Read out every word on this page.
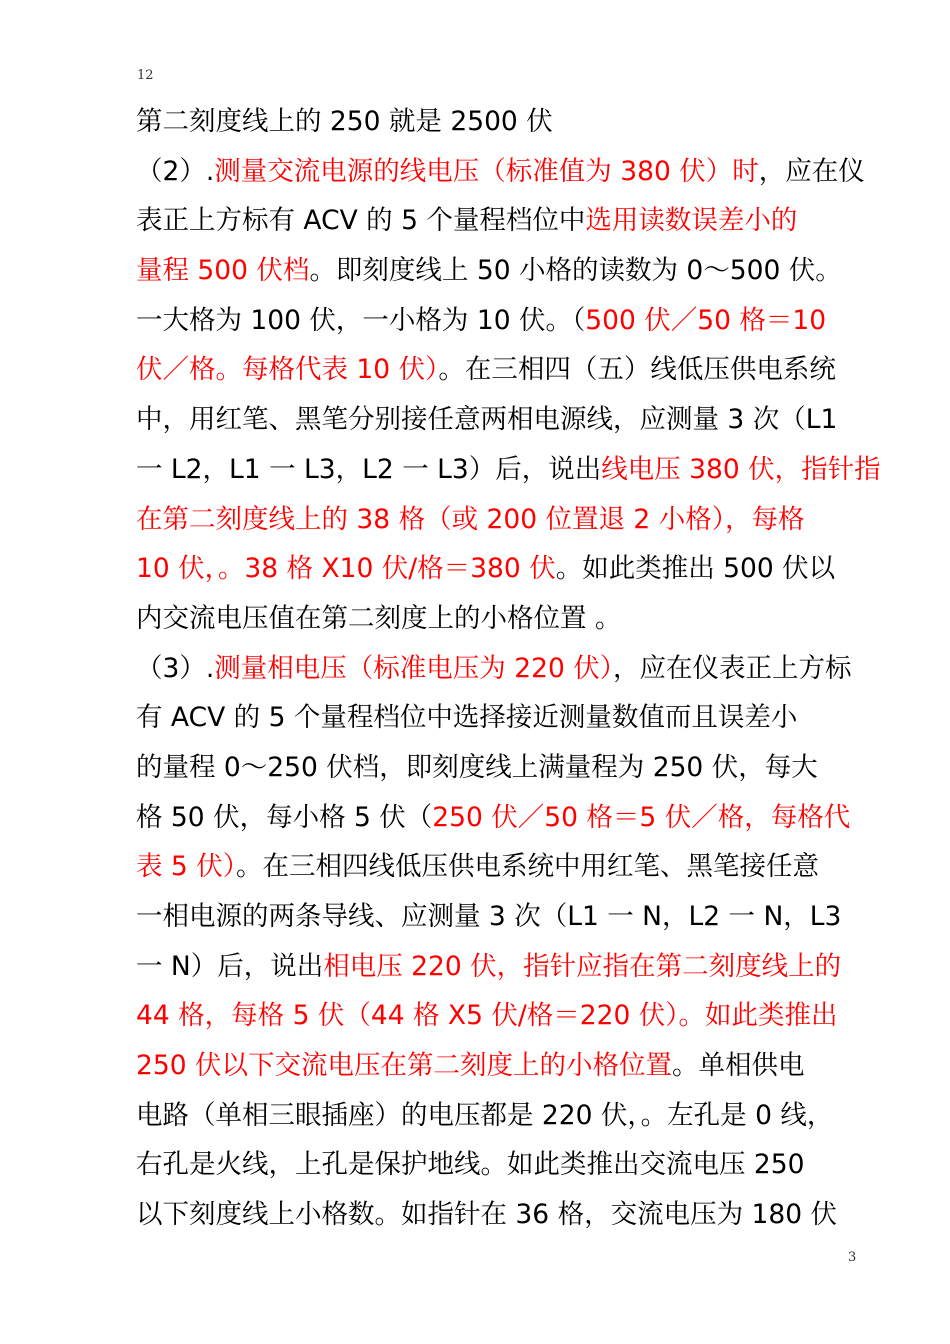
12
第二刻度线上的 250 就是 2500 伏
（2）.测量交流电源的线电压（标准值为 380 伏）时，应在仪
表正上方标有 ACV 的 5 个量程档位中选用读数误差小的
量程 500 伏档。即刻度线上 50 小格的读数为 0～500 伏。
一大格为 100 伏，一小格为 10 伏。（500 伏／50 格＝10
伏／格。每格代表 10 伏）。在三相四（五）线低压供电系统
中，用红笔、黑笔分别接任意两相电源线，应测量 3 次（L1
一 L2，L1 一 L3，L2 一 L3）后，说出线电压 380 伏，指针指
在第二刻度线上的 38 格（或 200 位置退 2 小格），每格
10 伏，。38 格 X10 伏/格＝380 伏。如此类推出 500 伏以
内交流电压值在第二刻度上的小格位置 。
（3）.测量相电压（标准电压为 220 伏），应在仪表正上方标
有 ACV 的 5 个量程档位中选择接近测量数值而且误差小
的量程 0～250 伏档，即刻度线上满量程为 250 伏，每大
格 50 伏，每小格 5 伏（250 伏／50 格＝5 伏／格，每格代
表 5 伏）。在三相四线低压供电系统中用红笔、黑笔接任意
一相电源的两条导线、应测量 3 次（L1 一 N，L2 一 N，L3
一 N）后，说出相电压 220 伏，指针应指在第二刻度线上的
44 格，每格 5 伏（44 格 X5 伏/格＝220 伏）。如此类推出
250 伏以下交流电压在第二刻度上的小格位置。单相供电
电路（单相三眼插座）的电压都是 220 伏，。左孔是 0 线，
右孔是火线，上孔是保护地线。如此类推出交流电压 250
以下刻度线上小格数。如指针在 36 格，交流电压为 180 伏
3
